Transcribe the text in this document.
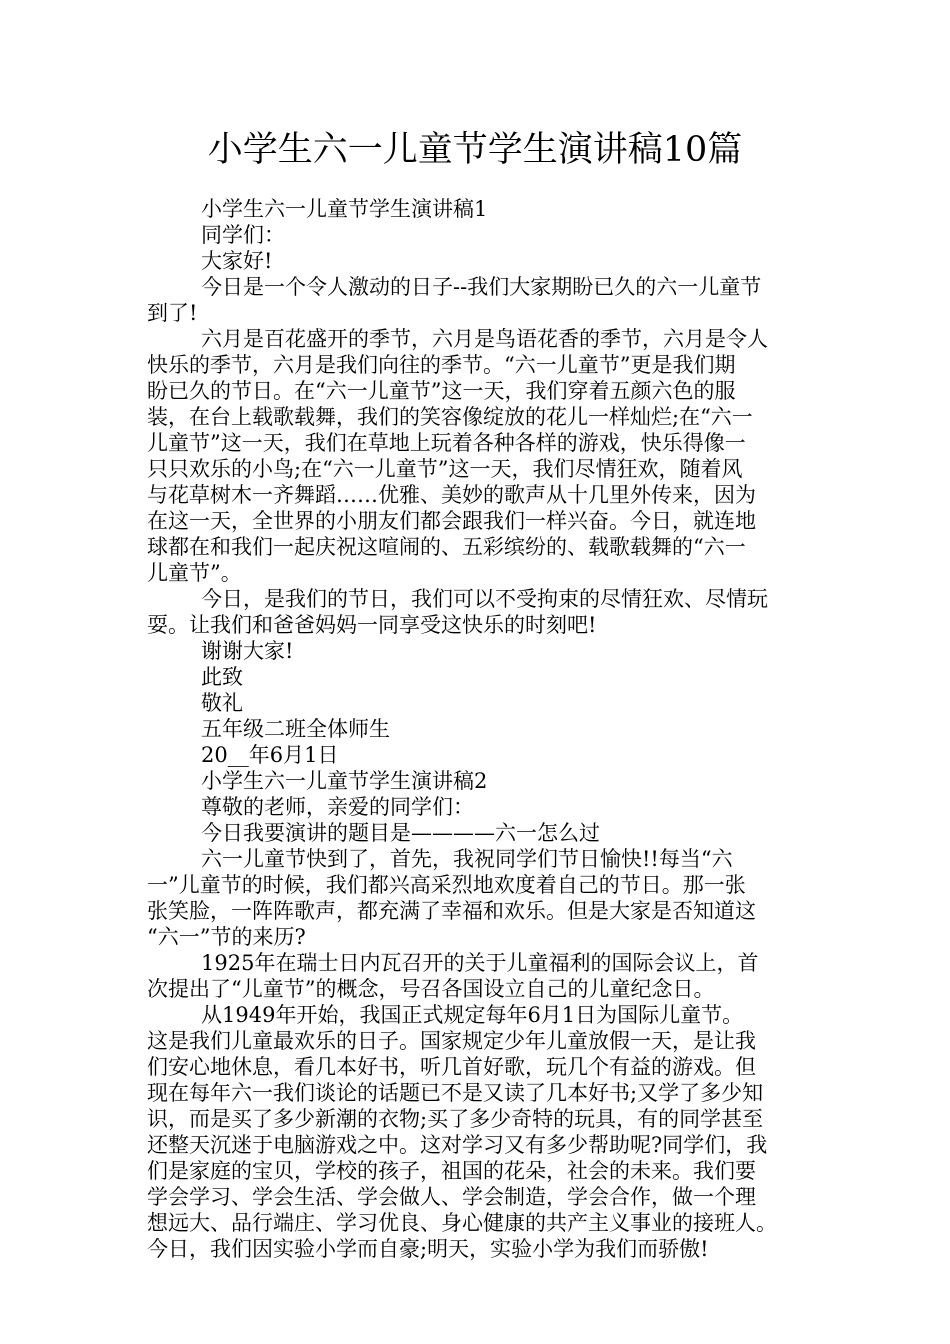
小学生六一儿童节学生演讲稿10篇
小学生六一儿童节学生演讲稿1
同学们：
大家好!
今日是一个令人激动的日子--我们大家期盼已久的六一儿童节
到了!
六月是百花盛开的季节，六月是鸟语花香的季节，六月是令人
快乐的季节，六月是我们向往的季节。“六一儿童节”更是我们期
盼已久的节日。在“六一儿童节”这一天，我们穿着五颜六色的服
装，在台上载歌载舞，我们的笑容像绽放的花儿一样灿烂;在“六一
儿童节”这一天，我们在草地上玩着各种各样的游戏，快乐得像一
只只欢乐的小鸟;在“六一儿童节”这一天，我们尽情狂欢，随着风
与花草树木一齐舞蹈……优雅、美妙的歌声从十几里外传来，因为
在这一天，全世界的小朋友们都会跟我们一样兴奋。今日，就连地
球都在和我们一起庆祝这喧闹的、五彩缤纷的、载歌载舞的“六一
儿童节”。
今日，是我们的节日，我们可以不受拘束的尽情狂欢、尽情玩
耍。让我们和爸爸妈妈一同享受这快乐的时刻吧!
谢谢大家!
此致
敬礼
五年级二班全体师生
20__年6月1日
小学生六一儿童节学生演讲稿2
尊敬的老师，亲爱的同学们：
今日我要演讲的题目是————六一怎么过
六一儿童节快到了，首先，我祝同学们节日愉快!!每当“六
一”儿童节的时候，我们都兴高采烈地欢度着自己的节日。那一张
张笑脸，一阵阵歌声，都充满了幸福和欢乐。但是大家是否知道这
“六一”节的来历?
1925年在瑞士日内瓦召开的关于儿童福利的国际会议上，首
次提出了“儿童节”的概念，号召各国设立自己的儿童纪念日。
从1949年开始，我国正式规定每年6月1日为国际儿童节。
这是我们儿童最欢乐的日子。国家规定少年儿童放假一天，是让我
们安心地休息，看几本好书，听几首好歌，玩几个有益的游戏。但
现在每年六一我们谈论的话题已不是又读了几本好书;又学了多少知
识，而是买了多少新潮的衣物;买了多少奇特的玩具，有的同学甚至
还整天沉迷于电脑游戏之中。这对学习又有多少帮助呢?同学们，我
们是家庭的宝贝，学校的孩子，祖国的花朵，社会的未来。我们要
学会学习、学会生活、学会做人、学会制造，学会合作，做一个理
想远大、品行端庄、学习优良、身心健康的共产主义事业的接班人。
今日，我们因实验小学而自豪;明天，实验小学为我们而骄傲!
